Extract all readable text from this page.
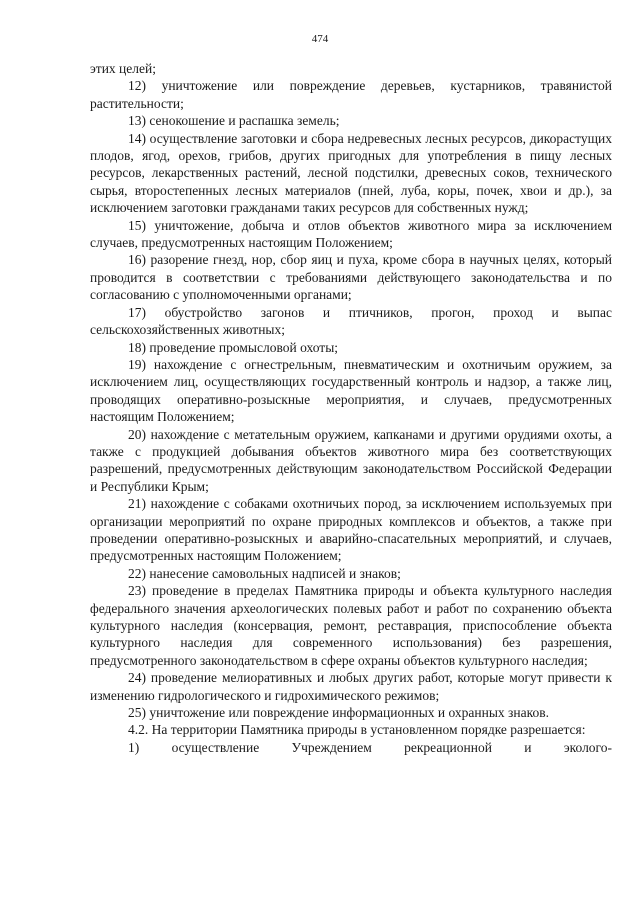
474

этих целей;

12) уничтожение или повреждение деревьев, кустарников, травянистой растительности;

13) сенокошение и распашка земель;

14) осуществление заготовки и сбора недревесных лесных ресурсов, дикорастущих плодов, ягод, орехов, грибов, других пригодных для употребления в пищу лесных ресурсов, лекарственных растений, лесной подстилки, древесных соков, технического сырья, второстепенных лесных материалов (пней, луба, коры, почек, хвои и др.), за исключением заготовки гражданами таких ресурсов для собственных нужд;

15) уничтожение, добыча и отлов объектов животного мира за исключением случаев, предусмотренных настоящим Положением;

16) разорение гнезд, нор, сбор яиц и пуха, кроме сбора в научных целях, который проводится в соответствии с требованиями действующего законодательства и по согласованию с уполномоченными органами;

17) обустройство загонов и птичников, прогон, проход и выпас сельскохозяйственных животных;

18) проведение промысловой охоты;

19) нахождение с огнестрельным, пневматическим и охотничьим оружием, за исключением лиц, осуществляющих государственный контроль и надзор, а также лиц, проводящих оперативно-розыскные мероприятия, и случаев, предусмотренных настоящим Положением;

20) нахождение с метательным оружием, капканами и другими орудиями охоты, а также с продукцией добывания объектов животного мира без соответствующих разрешений, предусмотренных действующим законодательством Российской Федерации и Республики Крым;

21) нахождение с собаками охотничьих пород, за исключением используемых при организации мероприятий по охране природных комплексов и объектов, а также при проведении оперативно-розыскных и аварийно-спасательных мероприятий, и случаев, предусмотренных настоящим Положением;

22) нанесение самовольных надписей и знаков;

23) проведение в пределах Памятника природы и объекта культурного наследия федерального значения археологических полевых работ и работ по сохранению объекта культурного наследия (консервация, ремонт, реставрация, приспособление объекта культурного наследия для современного использования) без разрешения, предусмотренного законодательством в сфере охраны объектов культурного наследия;

24) проведение мелиоративных и любых других работ, которые могут привести к изменению гидрологического и гидрохимического режимов;

25) уничтожение или повреждение информационных и охранных знаков.

4.2. На территории Памятника природы в установленном порядке разрешается:

1) осуществление Учреждением рекреационной и эколого-
